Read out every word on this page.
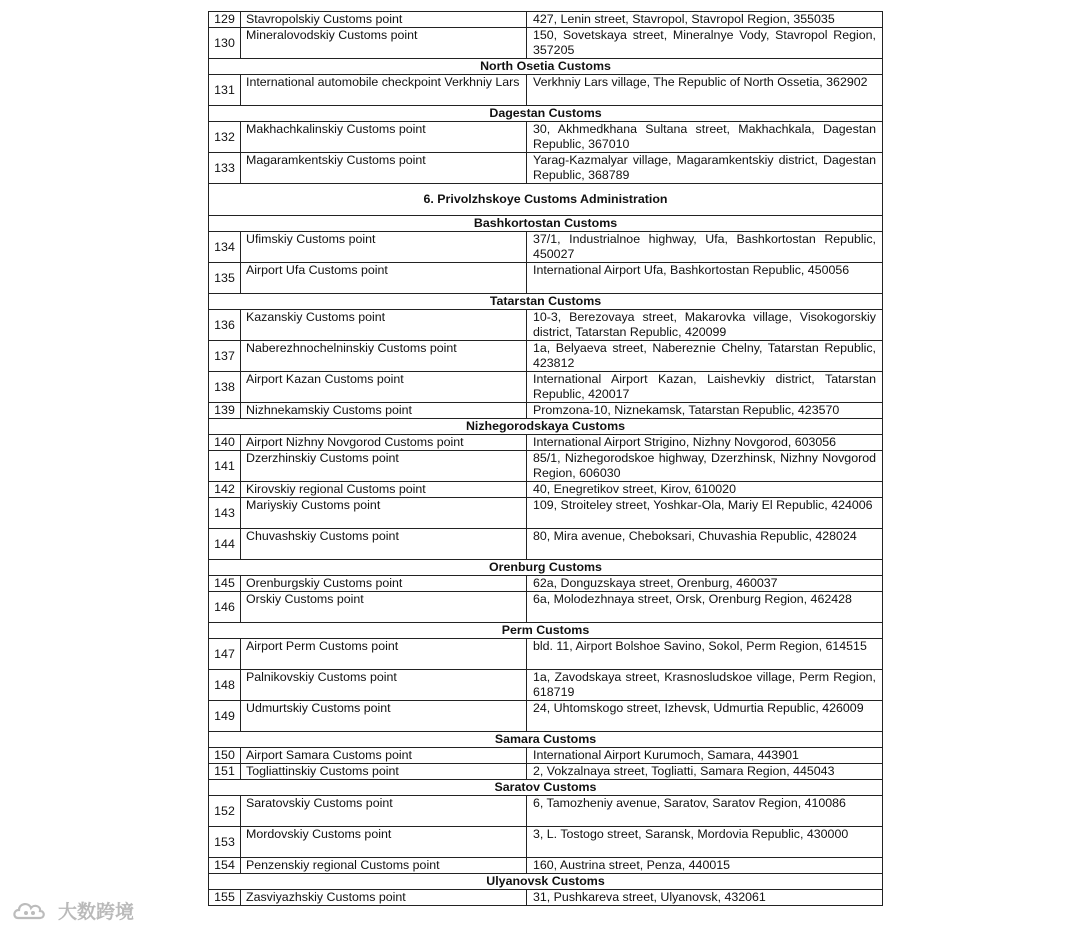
129	Stavropolskiy Customs point	427, Lenin street, Stavropol, Stavropol Region, 355035
130	Mineralovodskiy Customs point	150, Sovetskaya street, Mineralnye Vody, Stavropol Region, 357205
North Osetia Customs		
131	International automobile checkpoint Verkhniy Lars	Verkhniy Lars village, The Republic of North Ossetia, 362902
Dagestan Customs		
132	Makhachkalinskiy Customs point	30, Akhmedkhana Sultana street, Makhachkala, Dagestan Republic, 367010
133	Magaramkentskiy Customs point	Yarag-Kazmalyar village, Magaramkentskiy district, Dagestan Republic, 368789
6. Privolzhskoye Customs Administration		
Bashkortostan Customs		
134	Ufimskiy Customs point	37/1, Industrialnoe highway, Ufa, Bashkortostan Republic, 450027
135	Airport Ufa Customs point	International Airport Ufa, Bashkortostan Republic, 450056
Tatarstan Customs		
136	Kazanskiy Customs point	10-3, Berezovaya street, Makarovka village, Visokogorskiy district, Tatarstan Republic, 420099
137	Naberezhnochelninskiy Customs point	1a, Belyaeva street, Nabereznie Chelny, Tatarstan Republic, 423812
138	Airport Kazan Customs point	International Airport Kazan, Laishevkiy district, Tatarstan Republic, 420017
139	Nizhnekamskiy Customs point	Promzona-10, Niznekamsk, Tatarstan Republic, 423570
Nizhegorodskaya Customs		
140	Airport Nizhny Novgorod Customs point	International Airport Strigino, Nizhny Novgorod, 603056
141	Dzerzhinskiy Customs point	85/1, Nizhegorodskoe highway, Dzerzhinsk, Nizhny Novgorod Region, 606030
142	Kirovskiy regional Customs point	40, Enegretikov street, Kirov, 610020
143	Mariyskiy Customs point	109, Stroiteley street, Yoshkar-Ola, Mariy El Republic, 424006
144	Chuvashskiy Customs point	80, Mira avenue, Cheboksari, Chuvashia Republic, 428024
Orenburg Customs		
145	Orenburgskiy Customs point	62a, Donguzskaya street, Orenburg, 460037
146	Orskiy Customs point	6a, Molodezhnaya street, Orsk, Orenburg Region, 462428
Perm Customs		
147	Airport Perm Customs point	bld. 11, Airport Bolshoe Savino, Sokol, Perm Region, 614515
148	Palnikovskiy Customs point	1a, Zavodskaya street, Krasnosludskoe village, Perm Region, 618719
149	Udmurtskiy Customs point	24, Uhtomskogo street, Izhevsk, Udmurtia Republic, 426009
Samara Customs		
150	Airport Samara Customs point	International Airport Kurumoch, Samara, 443901
151	Togliattinskiy Customs point	2, Vokzalnaya street, Togliatti, Samara Region, 445043
Saratov Customs		
152	Saratovskiy Customs point	6, Tamozheniy avenue, Saratov, Saratov Region, 410086
153	Mordovskiy Customs point	3, L. Tostogo street, Saransk, Mordovia Republic, 430000
154	Penzenskiy regional Customs point	160, Austrina street, Penza, 440015
Ulyanovsk Customs		
155	Zasviyazhskiy Customs point	31, Pushkareva street, Ulyanovsk, 432061
大数跨境
